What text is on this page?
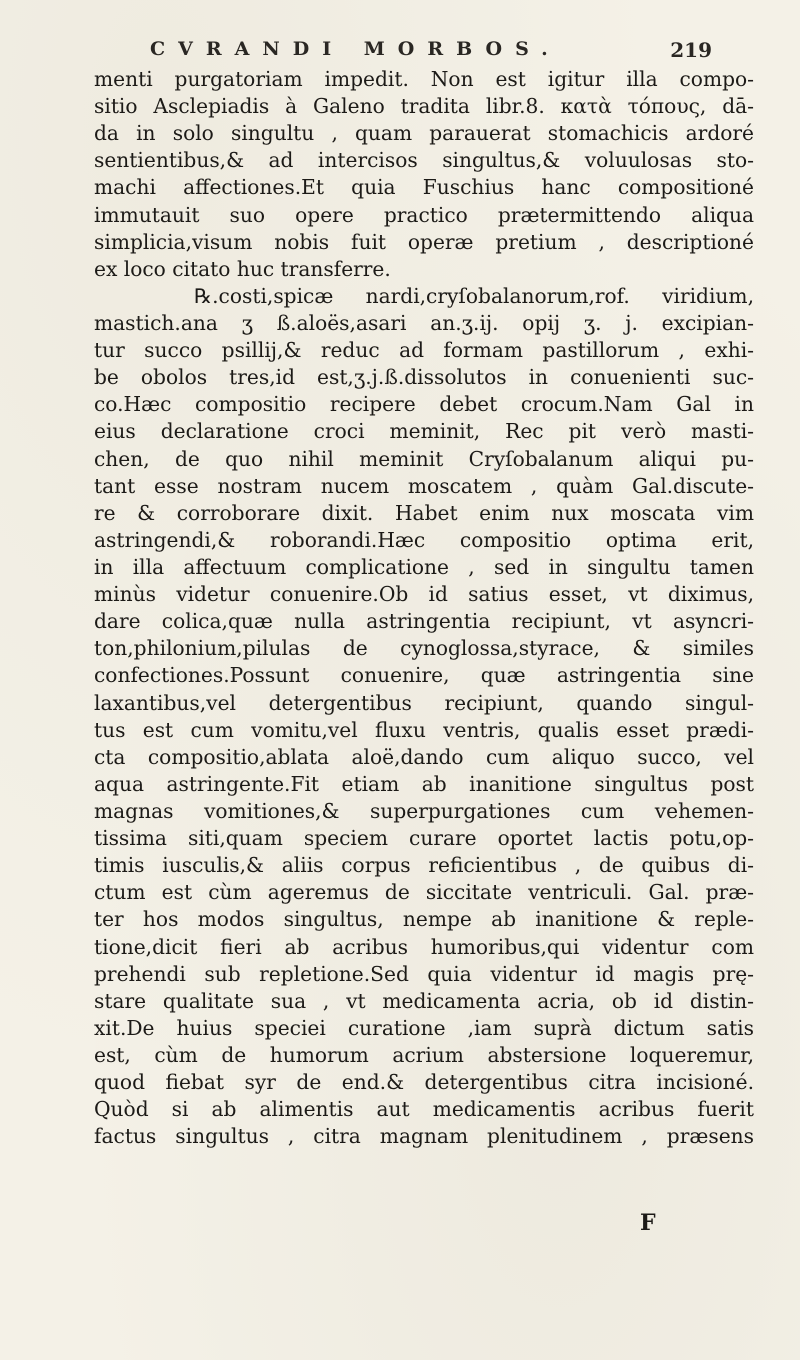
CVRANDI MORBOS.	219
menti purgatoriam impedit. Non est igitur illa compo-
sitio Asclepiadis à Galeno tradita libr.8. κατὰ τόπους, dā-
da in solo singultu , quam parauerat stomachicis ardoré
sentientibus,& ad intercisos singultus,& voluulosas sto-
machi affectiones.Et quia Fuschius hanc compositioné
immutauit suo opere practico prætermittendo aliqua
simplicia,visum nobis fuit operæ pretium , descriptioné
ex loco citato huc transferre.
℞.costi,spicæ nardi,cryſobalanorum,rof. viridium,
mastich.ana ʒ ß.aloës,asari an.ʒ.ij. opij ʒ. j. excipian-
tur succo psillij,& reduc ad formam pastillorum , exhi-
be obolos tres,id est,ʒ.j.ß.dissolutos in conuenienti suc-
co.Hæc compositio recipere debet crocum.Nam Gal in
eius declaratione croci meminit, Rec pit verò masti-
chen, de quo nihil meminit Cryſobalanum aliqui pu-
tant esse nostram nucem moscatem , quàm Gal.discute-
re & corroborare dixit. Habet enim nux moscata vim
astringendi,& roborandi.Hæc compositio optima erit,
in illa affectuum complicatione , sed in singultu tamen
minùs videtur conuenire.Ob id satius esset, vt diximus,
dare colica,quæ nulla astringentia recipiunt, vt asyncri-
ton,philonium,pilulas de cynoglossa,styrace, & similes
confectiones.Possunt conuenire, quæ astringentia sine
laxantibus,vel detergentibus recipiunt, quando singul-
tus est cum vomitu,vel fluxu ventris, qualis esset prædi-
cta compositio,ablata aloë,dando cum aliquo succo, vel
aqua astringente.Fit etiam ab inanitione singultus post
magnas vomitiones,& superpurgationes cum vehemen-
tissima siti,quam speciem curare oportet lactis potu,op-
timis iusculis,& aliis corpus reficientibus , de quibus di-
ctum est cùm ageremus de siccitate ventriculi. Gal. præ-
ter hos modos singultus, nempe ab inanitione & reple-
tione,dicit fieri ab acribus humoribus,qui videntur com
prehendi sub repletione.Sed quia videntur id magis prę-
stare qualitate sua , vt medicamenta acria, ob id distin-
xit.De huius speciei curatione ,iam suprà dictum satis
est, cùm de humorum acrium abstersione loqueremur,
quod fiebat syr de end.& detergentibus citra incisioné.
Quòd si ab alimentis aut medicamentis acribus fuerit
factus singultus , citra magnam plenitudinem , præsens
F
